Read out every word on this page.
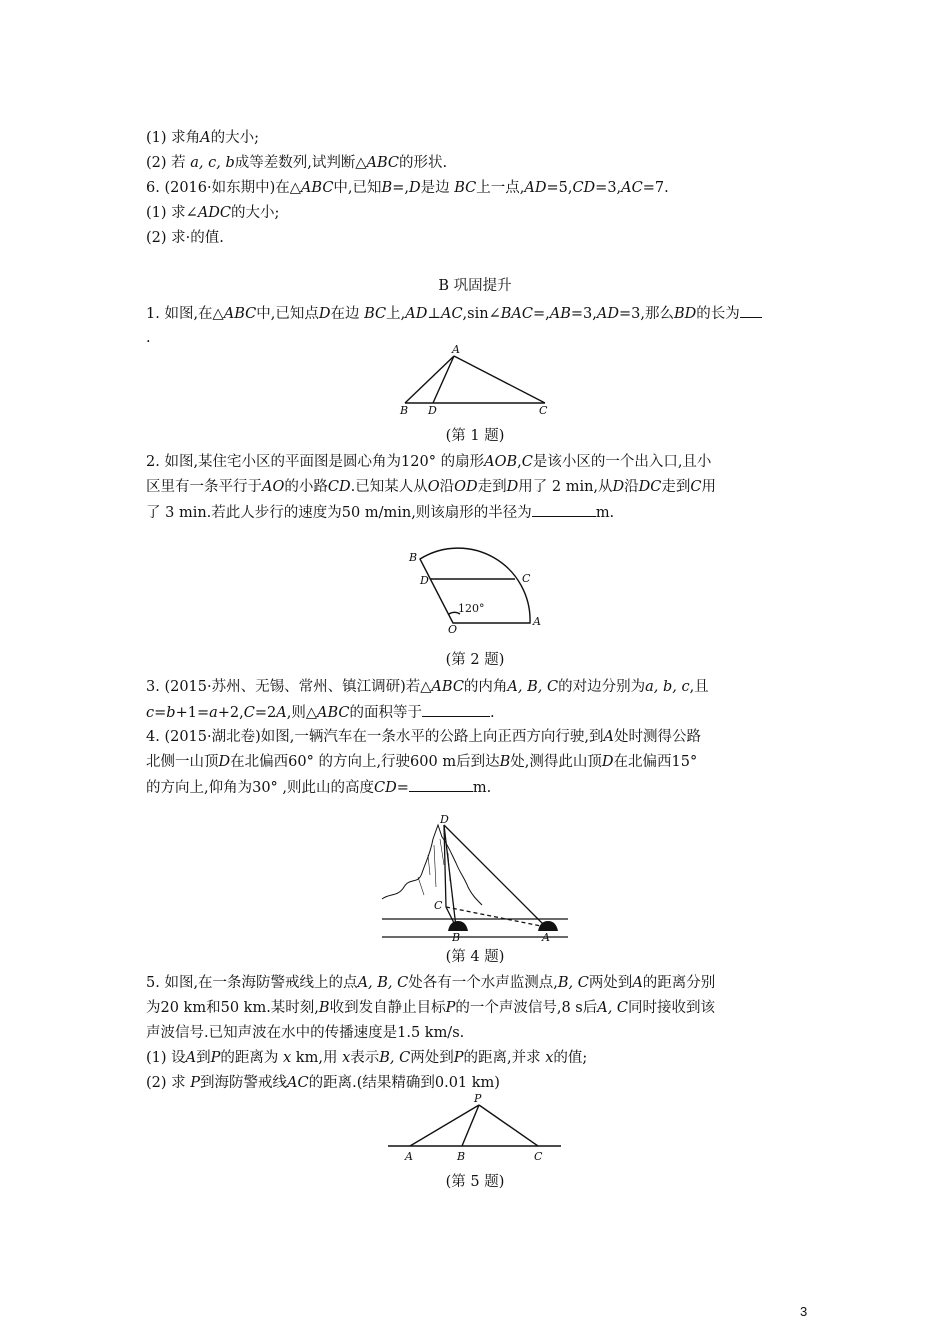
(1) 求角A的大小;
(2) 若 a, c, b成等差数列,试判断△ABC的形状.
6. (2016·如东期中)在△ABC中,已知B=,D是边 BC上一点,AD=5,CD=3,AC=7.
(1) 求∠ADC的大小;
(2) 求·的值.
B 巩固提升
1. 如图,在△ABC中,已知点D在边 BC上,AD⊥AC,sin∠BAC=,AB=3,AD=3,那么BD的长为
.
A
B D	C
(第 1 题)
2. 如图,某住宅小区的平面图是圆心角为120° 的扇形AOB,C是该小区的一个出入口,且小
区里有一条平行于AO的小路CD.已知某人从O沿OD走到D用了 2 min,从D沿DC走到C用
了 3 min.若此人步行的速度为50 m/min,则该扇形的半径为	m.
B
D	C
O
A
120°
(第 2 题)
3. (2015·苏州、无锡、常州、镇江调研)若△ABC的内角A, B, C的对边分别为a, b, c,且
c=b+1=a+2,C=2A,则△ABC的面积等于	.
4. (2015·湖北卷)如图,一辆汽车在一条水平的公路上向正西方向行驶,到A处时测得公路
北侧一山顶D在北偏西60° 的方向上,行驶600 m后到达B处,测得此山顶D在北偏西15°
的方向上,仰角为30° ,则此山的高度CD=	m.
D
C
B	A
(第 4 题)
5. 如图,在一条海防警戒线上的点A, B, C处各有一个水声监测点,B, C两处到A的距离分别
为20 km和50 km.某时刻,B收到发自静止目标P的一个声波信号,8 s后A, C同时接收到该
声波信号.已知声波在水中的传播速度是1.5 km/s.
(1) 设A到P的距离为 x km,用 x表示B, C两处到P的距离,并求 x的值;
(2) 求 P到海防警戒线AC的距离.(结果精确到0.01 km)
P
A	B	C
(第 5 题)
3
